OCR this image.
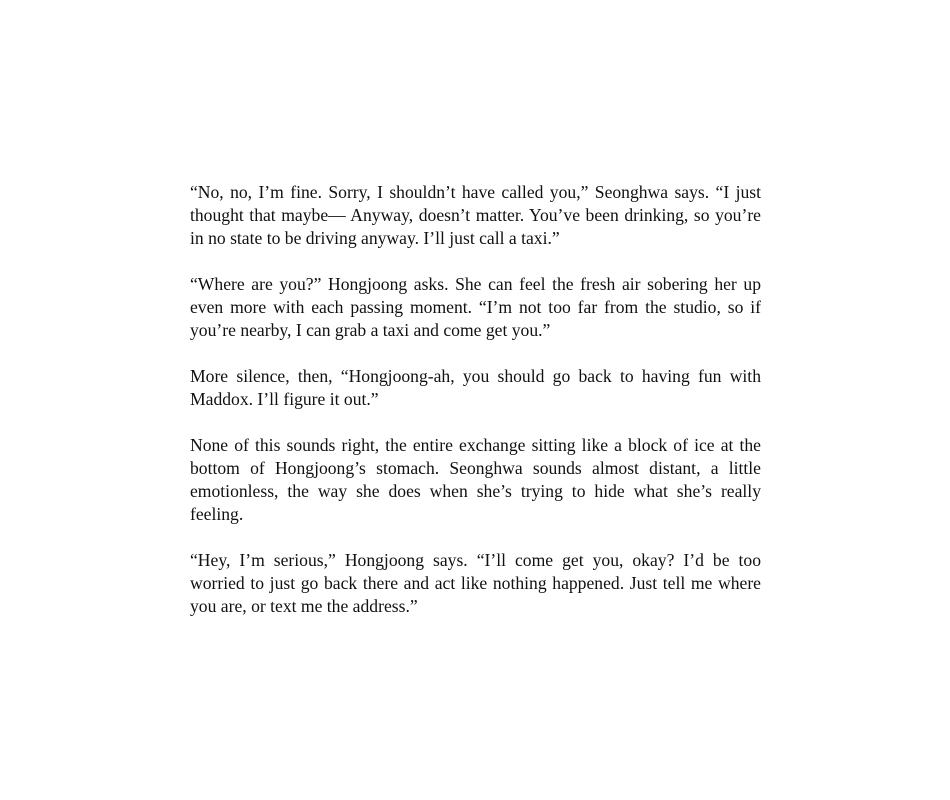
“No, no, I’m fine. Sorry, I shouldn’t have called you,” Seonghwa says. “I just thought that maybe— Anyway, doesn’t matter. You’ve been drinking, so you’re in no state to be driving anyway. I’ll just call a taxi.”

“Where are you?” Hongjoong asks. She can feel the fresh air sobering her up even more with each passing moment. “I’m not too far from the studio, so if you’re nearby, I can grab a taxi and come get you.”

More silence, then, “Hongjoong-ah, you should go back to having fun with Maddox. I’ll figure it out.”

None of this sounds right, the entire exchange sitting like a block of ice at the bottom of Hongjoong’s stomach. Seonghwa sounds almost distant, a little emotionless, the way she does when she’s trying to hide what she’s really feeling.

“Hey, I’m serious,” Hongjoong says. “I’ll come get you, okay? I’d be too worried to just go back there and act like nothing happened. Just tell me where you are, or text me the address.”
